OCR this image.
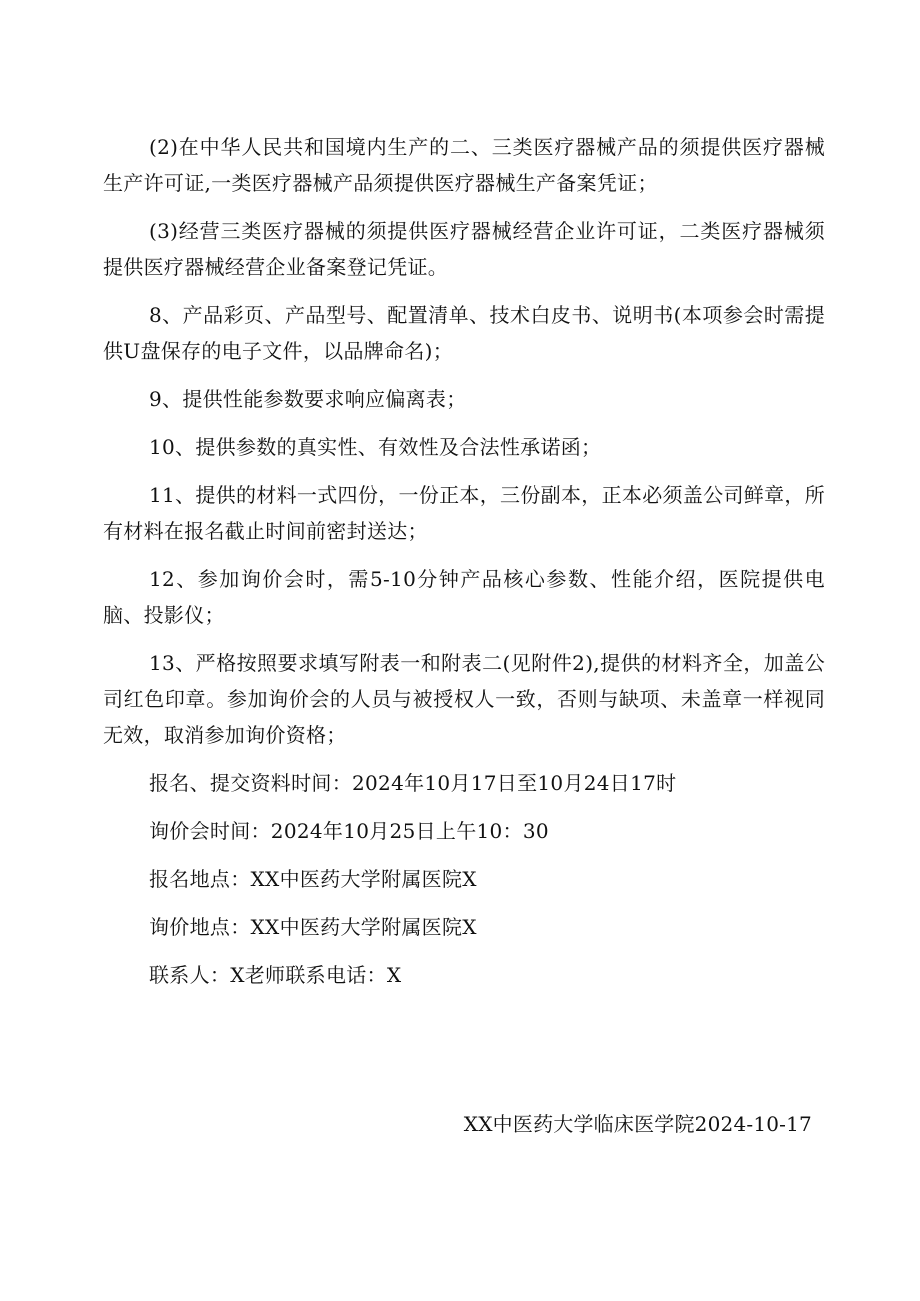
(2)在中华人民共和国境内生产的二、三类医疗器械产品的须提供医疗器械生产许可证,一类医疗器械产品须提供医疗器械生产备案凭证；

(3)经营三类医疗器械的须提供医疗器械经营企业许可证，二类医疗器械须提供医疗器械经营企业备案登记凭证。

8、产品彩页、产品型号、配置清单、技术白皮书、说明书(本项参会时需提供U盘保存的电子文件，以品牌命名)；

9、提供性能参数要求响应偏离表；

10、提供参数的真实性、有效性及合法性承诺函；

11、提供的材料一式四份，一份正本，三份副本，正本必须盖公司鲜章，所有材料在报名截止时间前密封送达；

12、参加询价会时，需5-10分钟产品核心参数、性能介绍，医院提供电脑、投影仪；

13、严格按照要求填写附表一和附表二(见附件2),提供的材料齐全，加盖公司红色印章。参加询价会的人员与被授权人一致，否则与缺项、未盖章一样视同无效，取消参加询价资格；

报名、提交资料时间：2024年10月17日至10月24日17时

询价会时间：2024年10月25日上午10：30

报名地点：XX中医药大学附属医院X

询价地点：XX中医药大学附属医院X

联系人：X老师联系电话：X

XX中医药大学临床医学院2024-10-17
